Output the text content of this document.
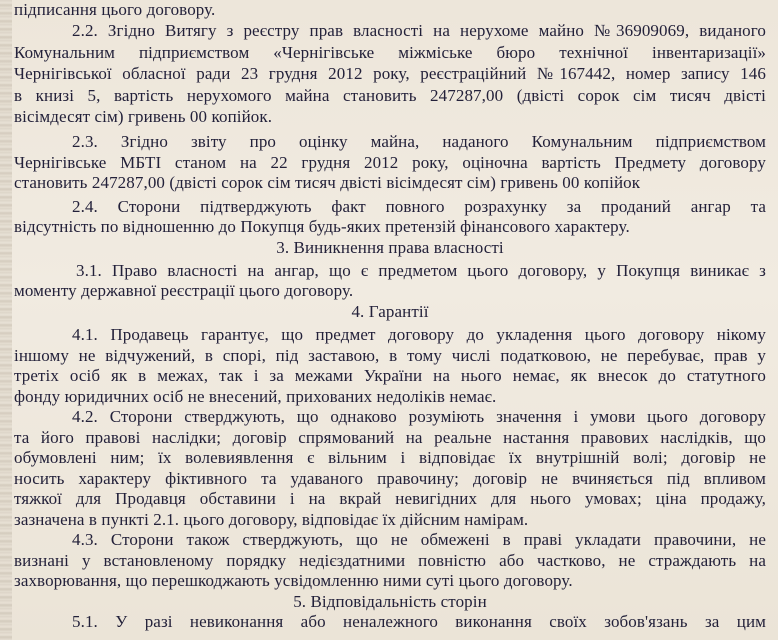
підписання цього договору.
2.2. Згідно Витягу з реєстру прав власності на нерухоме майно №36909069, виданого
Комунальним підприємством «Чернігівське міжміське бюро технічної інвентаризації»
Чернігівської обласної ради 23 грудня 2012 року, реєстраційний №167442, номер запису 146
в книзі 5, вартість нерухомого майна становить 247287,00 (двісті сорок сім тисяч двісті
вісімдесят сім) гривень 00 копійок.
2.3. Згідно звіту про оцінку майна, наданого Комунальним підприємством
Чернігівське МБТІ станом на 22 грудня 2012 року, оціночна вартість Предмету договору
становить 247287,00 (двісті сорок сім тисяч двісті вісімдесят сім) гривень 00 копійок
2.4. Сторони підтверджують факт повного розрахунку за проданий ангар та
відсутність по відношенню до Покупця будь-яких претензій фінансового характеру.
3. Виникнення права власності
3.1. Право власності на ангар, що є предметом цього договору, у Покупця виникає з
моменту державної реєстрації цього договору.
4. Гарантії
4.1. Продавець гарантує, що предмет договору до укладення цього договору нікому
іншому не відчужений, в спорі, під заставою, в тому числі податковою, не перебуває, прав у
третіх осіб як в межах, так і за межами України на нього немає, як внесок до статутного
фонду юридичних осіб не внесений, прихованих недоліків немає.
4.2. Сторони стверджують, що однаково розуміють значення і умови цього договору
та його правові наслідки; договір спрямований на реальне настання правових наслідків, що
обумовлені ним; їх волевиявлення є вільним і відповідає їх внутрішній волі; договір не
носить характеру фіктивного та удаваного правочину; договір не вчиняється під впливом
тяжкої для Продавця обставини і на вкрай невигідних для нього умовах; ціна продажу,
зазначена в пункті 2.1. цього договору, відповідає їх дійсним намірам.
4.3. Сторони також стверджують, що не обмежені в праві укладати правочини, не
визнані у встановленому порядку недієздатними повністю або частково, не страждають на
захворювання, що перешкоджають усвідомленню ними суті цього договору.
5. Відповідальність сторін
5.1. У разі невиконання або неналежного виконання своїх зобов'язань за цим
